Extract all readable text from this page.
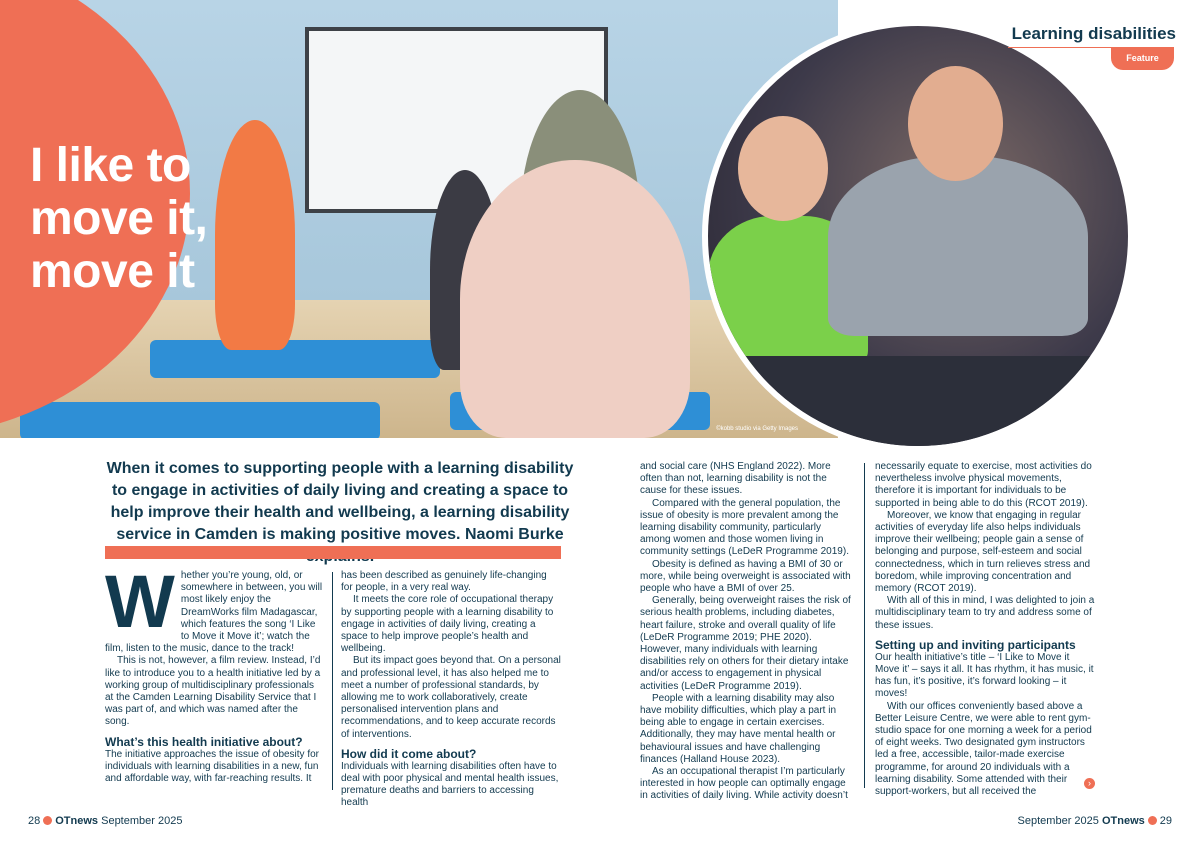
I like to move it, move it
Learning disabilities
Feature
When it comes to supporting people with a learning disability to engage in activities of daily living and creating a space to help improve their health and wellbeing, a learning disability service in Camden is making positive moves. Naomi Burke

Whether you’re young, old, or somewhere in between, you will most likely enjoy the DreamWorks film Madagascar, which features the song ‘I Like to Move it Move it’; watch the film, listen to the music, dance to the track!

This is not, however, a film review. Instead, I’d like to introduce you to a health initiative led by a working group of multidisciplinary professionals at the Camden Learning Disability Service that I was part of, and which was named after the song.

What’s this health initiative about?

The initiative approaches the issue of obesity for individuals with learning disabilities in a new, fun and affordable way, with far-reaching results. It

has been described as genuinely life-changing for people, in a very real way.

It meets the core role of occupational therapy by supporting people with a learning disability to engage in activities of daily living, creating a space to help improve people’s health and wellbeing.

But its impact goes beyond that. On a personal and professional level, it has also helped me to meet a number of professional standards, by allowing me to work collaboratively, create personalised intervention plans and recommendations, and to keep accurate records of interventions.

How did it come about?

Individuals with learning disabilities often have to deal with poor physical and mental health issues, premature deaths and barriers to accessing health

and social care (NHS England 2022). More often than not, learning disability is not the cause for these issues.

Compared with the general population, the issue of obesity is more prevalent among the learning disability community, particularly among women and those women living in community settings (LeDeR Programme 2019).

Obesity is defined as having a BMI of 30 or more, while being overweight is associated with people who have a BMI of over 25.

Generally, being overweight raises the risk of serious health problems, including diabetes, heart failure, stroke and overall quality of life (LeDeR Programme 2019; PHE 2020). However, many individuals with learning disabilities rely on others for their dietary intake and/or access to engagement in physical activities (LeDeR Programme 2019).

People with a learning disability may also have mobility difficulties, which play a part in being able to engage in certain exercises. Additionally, they may have mental health or behavioural issues and have challenging finances (Halland House 2023).

As an occupational therapist I’m particularly interested in how people can optimally engage in activities of daily living. While activity doesn’t

necessarily equate to exercise, most activities do nevertheless involve physical movements, therefore it is important for individuals to be supported in being able to do this (RCOT 2019).

Moreover, we know that engaging in regular activities of everyday life also helps individuals improve their wellbeing; people gain a sense of belonging and purpose, self-esteem and social connectedness, which in turn relieves stress and boredom, while improving concentration and memory (RCOT 2019).

With all of this in mind, I was delighted to join a multidisciplinary team to try and address some of these issues.

Setting up and inviting participants

Our health initiative’s title – ‘I Like to Move it Move it’ – says it all. It has rhythm, it has music, it has fun, it’s positive, it’s forward looking – it moves!

With our offices conveniently based above a Better Leisure Centre, we were able to rent gym-studio space for one morning a week for a period of eight weeks. Two designated gym instructors led a free, accessible, tailor-made exercise programme, for around 20 individuals with a learning disability. Some attended with their support-workers, but all received the

›
28 OTnews September 2025	September 2025 OTnews 29
